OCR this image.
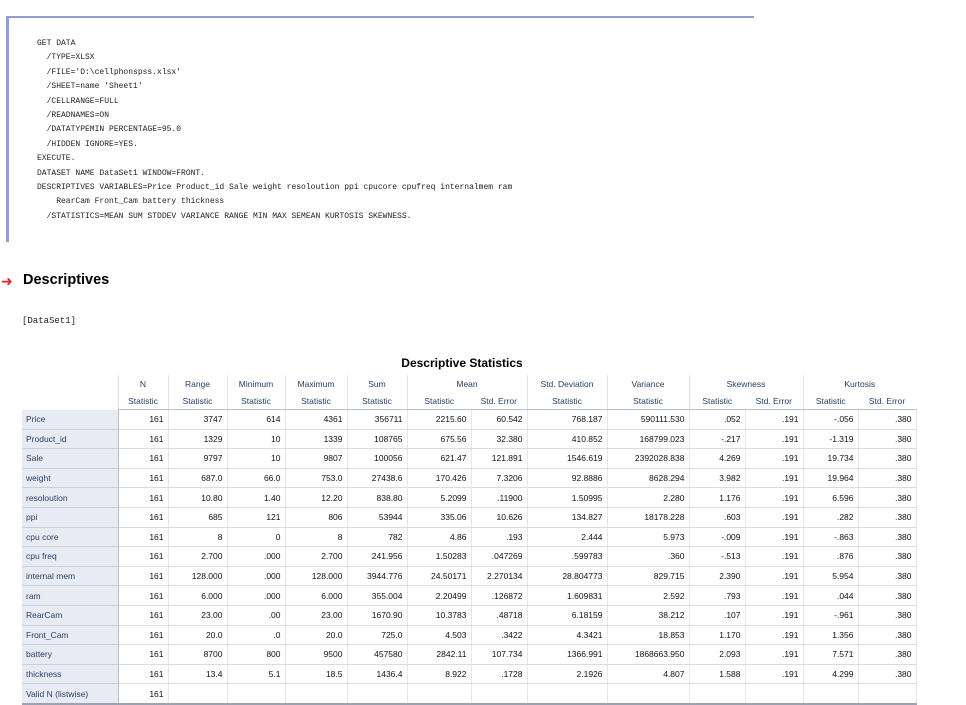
GET DATA
/TYPE=XLSX
/FILE='D:\cellphonspss.xlsx'
/SHEET=name 'Sheet1'
/CELLRANGE=FULL
/READNAMES=ON
/DATATYPEMIN PERCENTAGE=95.0
/HIDDEN IGNORE=YES.
EXECUTE.
DATASET NAME DataSet1 WINDOW=FRONT.
DESCRIPTIVES VARIABLES=Price Product_id Sale weight resoloution ppi cpucore cpufreq internalmem ram
RearCam Front_Cam battery thickness
/STATISTICS=MEAN SUM STDDEV VARIANCE RANGE MIN MAX SEMEAN KURTOSIS SKEWNESS.

➜ Descriptives
[DataSet1]
Descriptive Statistics
	N	Range	Minimum	Maximum	Sum	Mean		Std. Deviation	Variance	Skewness		Kurtosis	
	Statistic	Statistic	Statistic	Statistic	Statistic	Statistic	Std. Error	Statistic	Statistic	Statistic	Std. Error	Statistic	Std. Error
Price	161	3747	614	4361	356711	2215.60	60.542	768.187	590111.530	.052	.191	-.056	.380
Product_id	161	1329	10	1339	108765	675.56	32.380	410.852	168799.023	-.217	.191	-1.319	.380
Sale	161	9797	10	9807	100056	621.47	121.891	1546.619	2392028.838	4.269	.191	19.734	.380
weight	161	687.0	66.0	753.0	27438.6	170.426	7.3206	92.8886	8628.294	3.982	.191	19.964	.380
resoloution	161	10.80	1.40	12.20	838.80	5.2099	.11900	1.50995	2.280	1.176	.191	6.596	.380
ppi	161	685	121	806	53944	335.06	10.626	134.827	18178.228	.603	.191	.282	.380
cpu core	161	8	0	8	782	4.86	.193	2.444	5.973	-.009	.191	-.863	.380
cpu freq	161	2.700	.000	2.700	241.956	1.50283	.047269	.599783	.360	-.513	.191	.876	.380
internal mem	161	128.000	.000	128.000	3944.776	24.50171	2.270134	28.804773	829.715	2.390	.191	5.954	.380
ram	161	6.000	.000	6.000	355.004	2.20499	.126872	1.609831	2.592	.793	.191	.044	.380
RearCam	161	23.00	.00	23.00	1670.90	10.3783	.48718	6.18159	38.212	.107	.191	-.961	.380
Front_Cam	161	20.0	.0	20.0	725.0	4.503	.3422	4.3421	18.853	1.170	.191	1.356	.380
battery	161	8700	800	9500	457580	2842.11	107.734	1366.991	1868663.950	2.093	.191	7.571	.380
thickness	161	13.4	5.1	18.5	1436.4	8.922	.1728	2.1926	4.807	1.588	.191	4.299	.380
Valid N (listwise)	161												
